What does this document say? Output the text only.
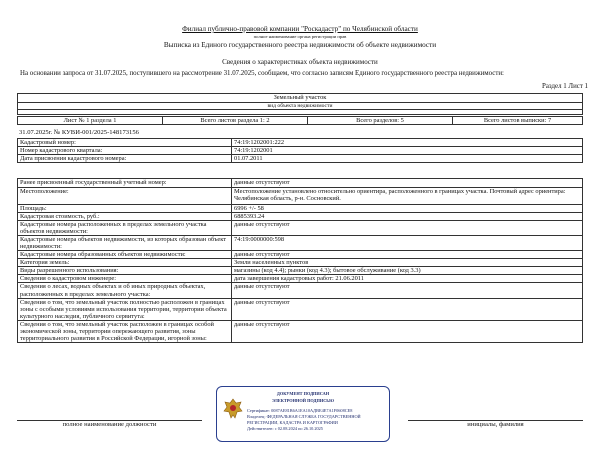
Филиал публично-правовой компании "Роскадастр" по Челябинской области
полное наименование органа регистрации прав
Выписка из Единого государственного реестра недвижимости об объекте недвижимости
Сведения о характеристиках объекта недвижимости
На основании запроса от 31.07.2025, поступившего на рассмотрение 31.07.2025, сообщаем, что согласно записям Единого государственного реестра недвижимости:
Раздел 1 Лист 1
Земельный участок
вид объекта недвижимости

Лист № 1 раздела 1	Всего листов раздела 1: 2	Всего разделов: 5	Всего листов выписки: 7
31.07.2025г. № КУВИ-001/2025-148173156
Кадастровый номер:	74:19:1202001:222
Номер кадастрового квартала:	74:19:1202001
Дата присвоения кадастрового номера:	01.07.2011
Ранее присвоенный государственный учетный номер:	данные отсутствуют
Местоположение:	Местоположение установлено относительно ориентира, расположенного в границах участка. Почтовый адрес ориентира: Челябинская область, р-н. Сосновский.
Площадь:	6996 +/- 58
Кадастровая стоимость, руб.:	6885393.24
Кадастровые номера расположенных в пределах земельного участка объектов недвижимости:	данные отсутствуют
Кадастровые номера объектов недвижимости, из которых образован объект недвижимости:	74:19:0000000:598
Кадастровые номера образованных объектов недвижимости:	данные отсутствуют
Категория земель:	Земли населенных пунктов
Виды разрешенного использования:	магазины (код 4.4); рынки (код 4.3); бытовое обслуживание (код 3.3)
Сведения о кадастровом инженере:	дата завершения кадастровых работ: 21.06.2011
Сведения о лесах, водных объектах и об иных природных объектах, расположенных в пределах земельного участка:	данные отсутствуют
Сведения о том, что земельный участок полностью расположен в границах зоны с особыми условиями использования территории, территории объекта культурного наследия, публичного сервитута:	данные отсутствуют
Сведения о том, что земельный участок расположен в границах особой экономической зоны, территории опережающего развития, зоны территориального развития в Российской Федерации, игорной зоны:	данные отсутствуют
полное наименование должности	инициалы, фамилия
ДОКУМЕНТ ПОДПИСАН
ЭЛЕКТРОННОЙ ПОДПИСЬЮ
Сертификат: 0087АЕ81В6А1ЕА10АДВЕ4Е7А1F0608CE8
Владелец: ФЕДЕРАЛЬНАЯ СЛУЖБА ГОСУДАРСТВЕННОЙ
РЕГИСТРАЦИИ, КАДАСТРА И КАРТОГРАФИИ
Действителен: с 02.08.2024 по 26.10.2025
